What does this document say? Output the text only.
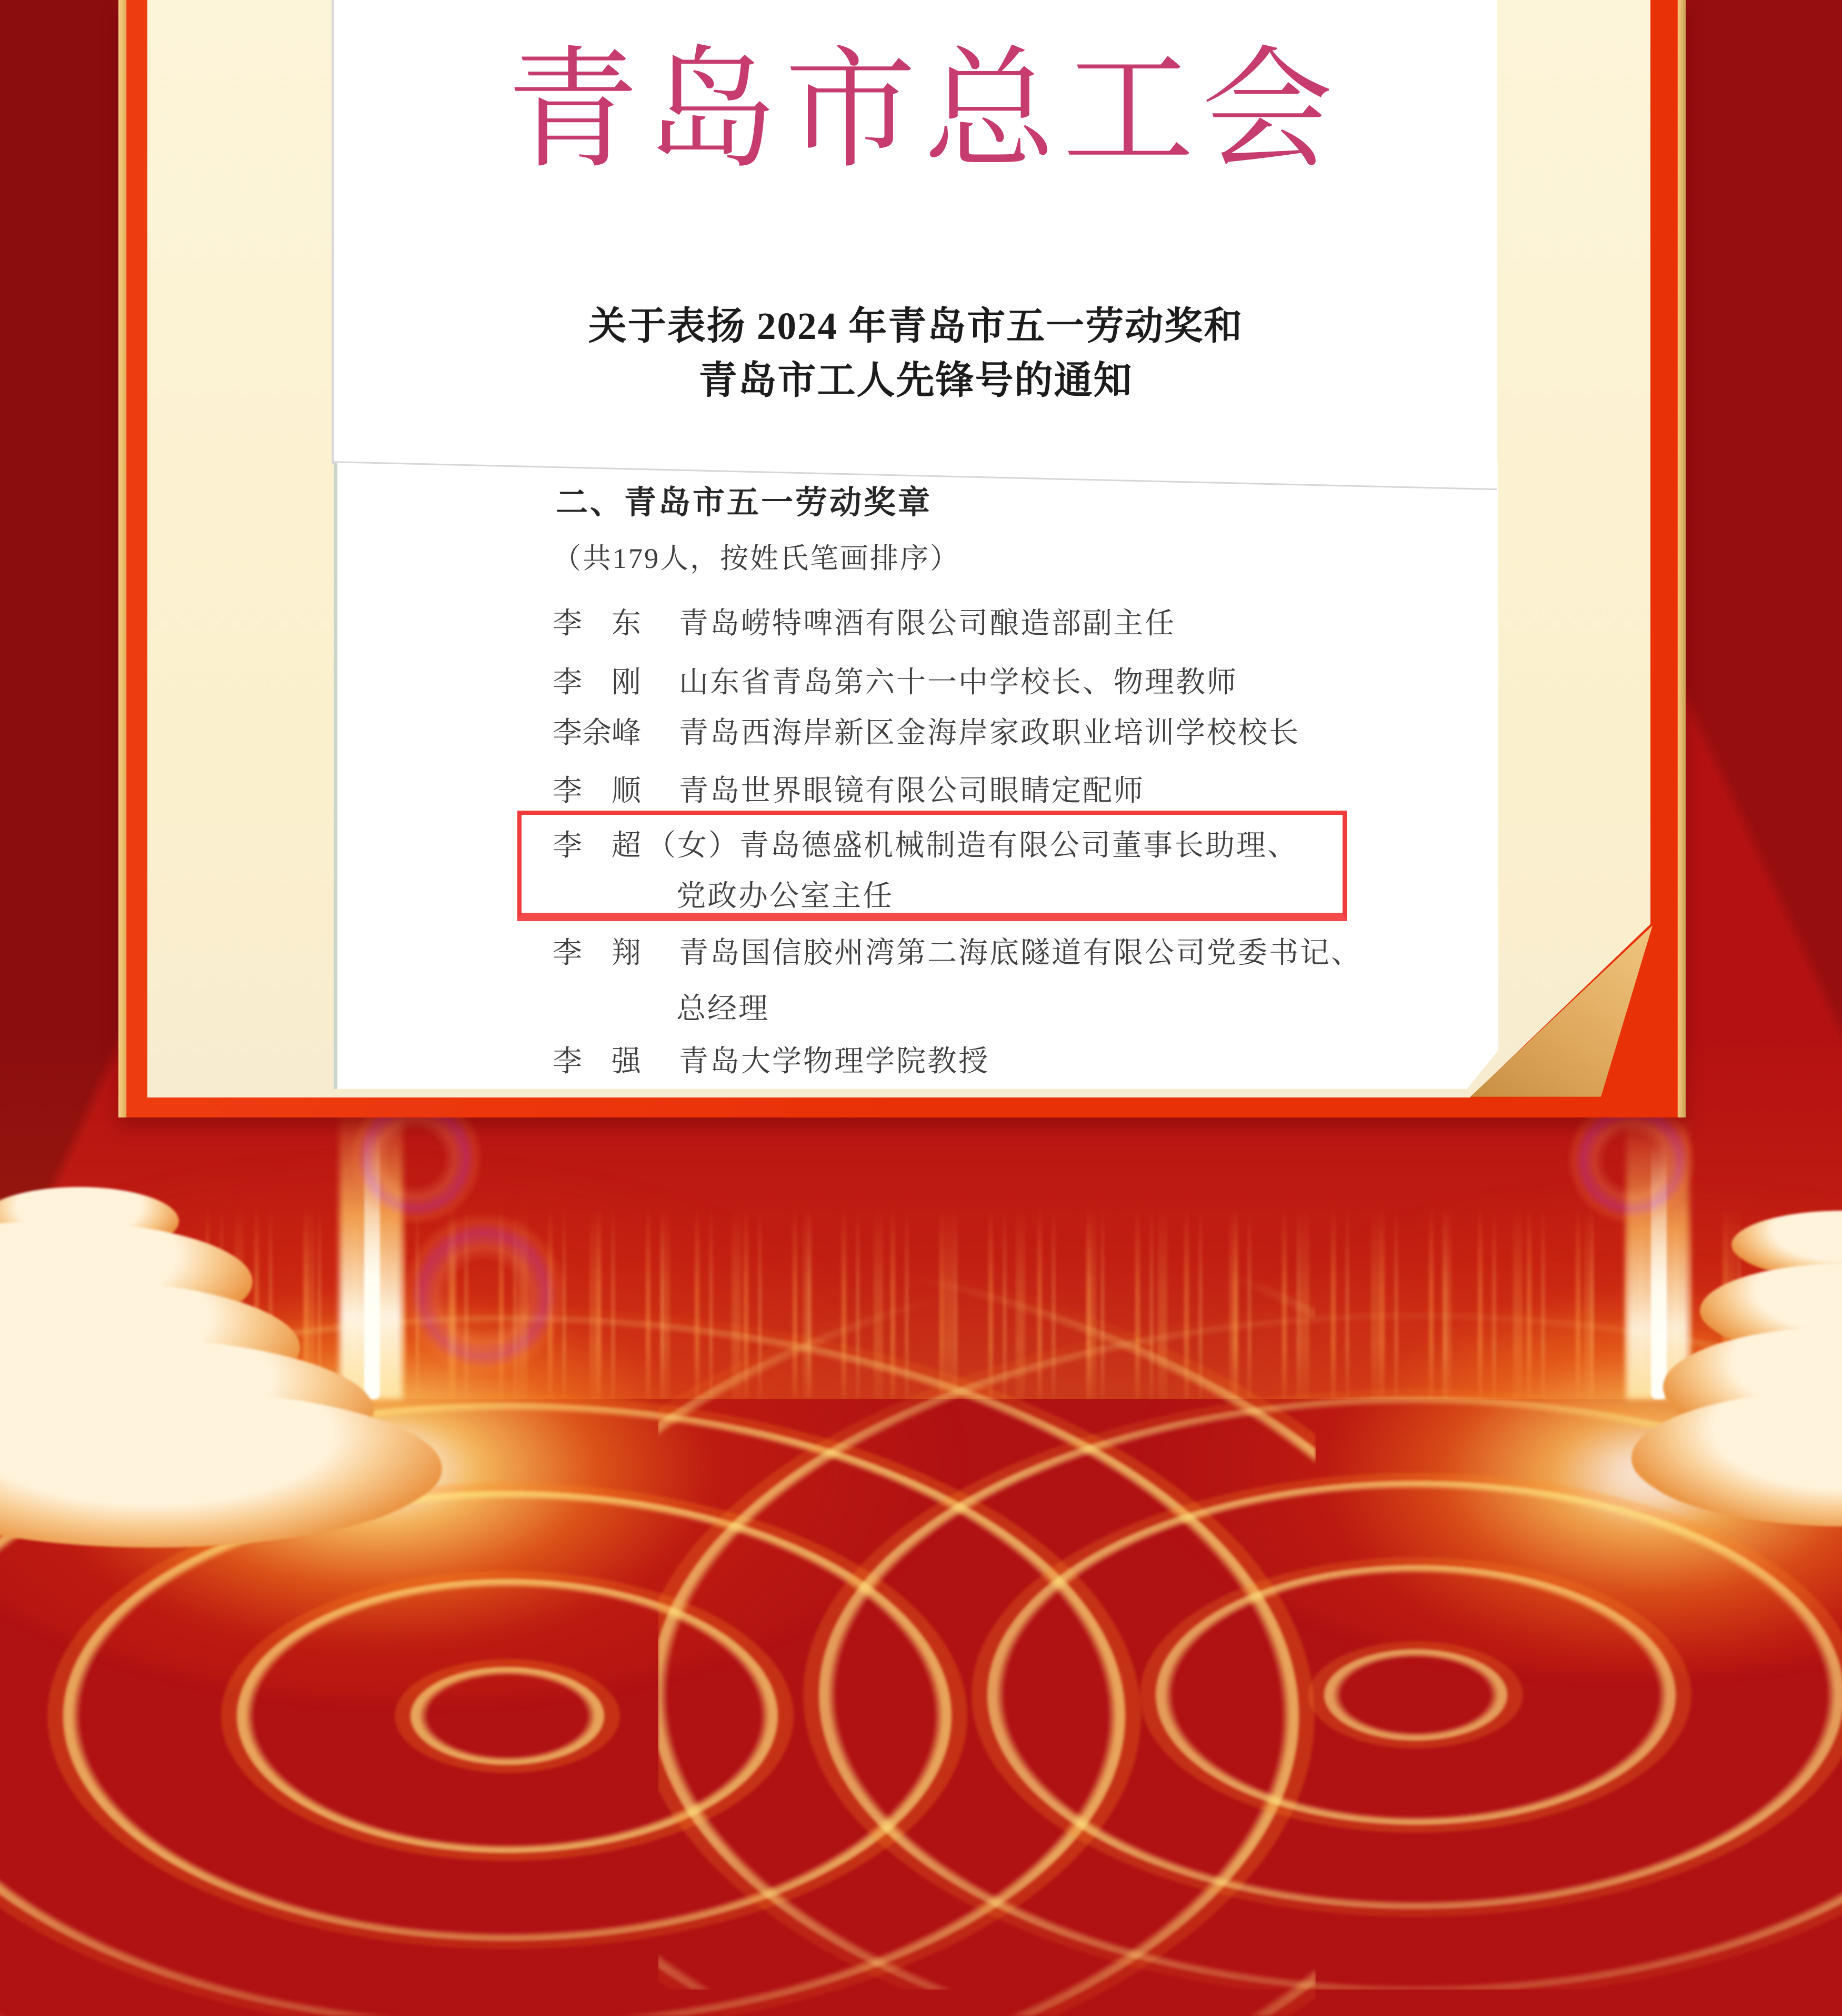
青岛市总工会
关于表扬 2024 年青岛市五一劳动奖和
青岛市工人先锋号的通知
二、青岛市五一劳动奖章
（共179人，按姓氏笔画排序）
李　东 青岛崂特啤酒有限公司酿造部副主任
李　刚 山东省青岛第六十一中学校长、物理教师
李余峰 青岛西海岸新区金海岸家政职业培训学校校长
李　顺 青岛世界眼镜有限公司眼睛定配师
李　超 （女）青岛德盛机械制造有限公司董事长助理、
党政办公室主任
李　翔 青岛国信胶州湾第二海底隧道有限公司党委书记、
总经理
李　强 青岛大学物理学院教授
